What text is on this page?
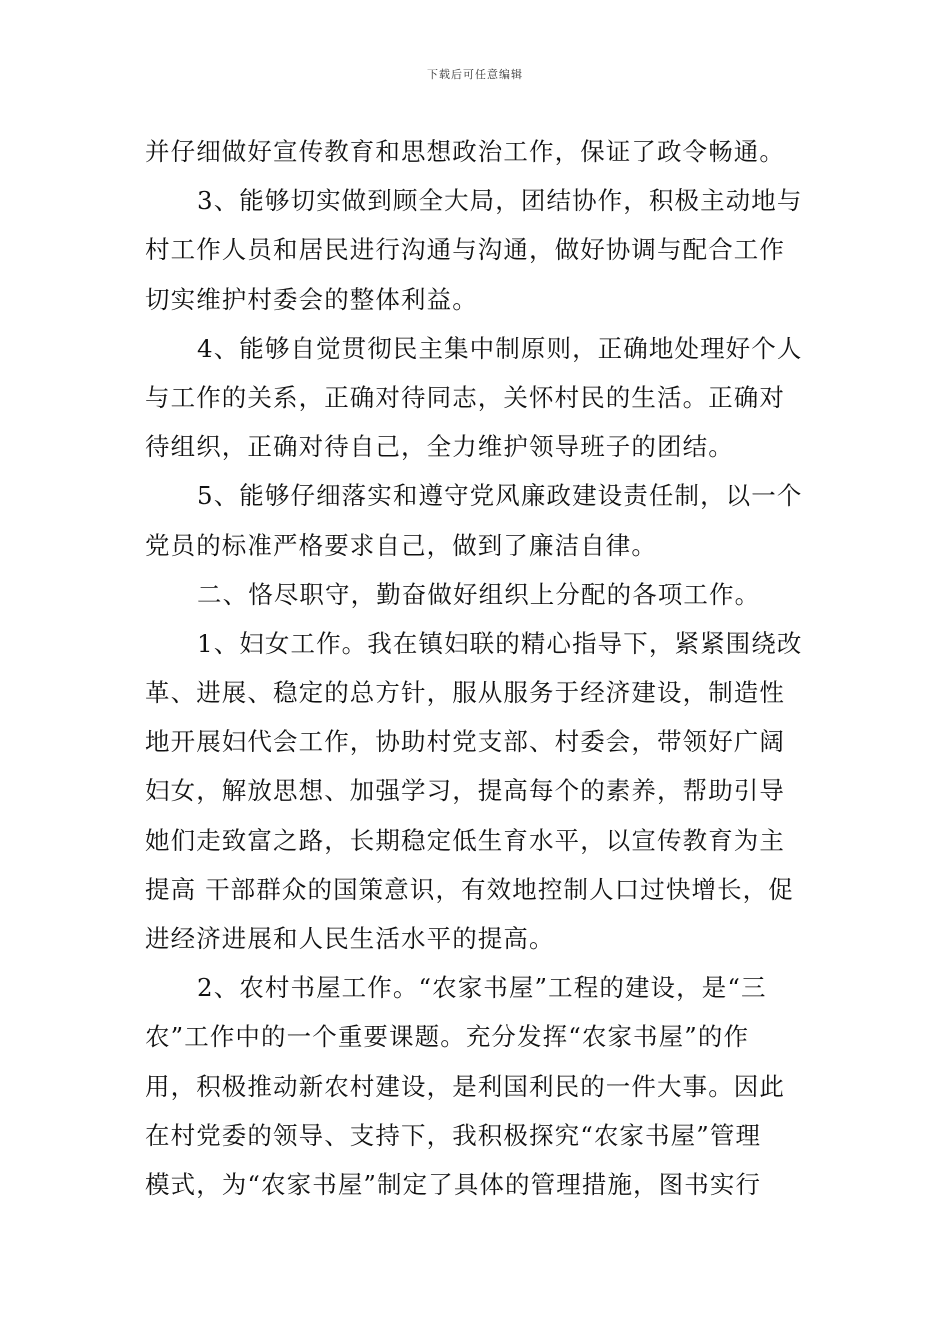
下载后可任意编辑
并仔细做好宣传教育和思想政治工作，保证了政令畅通。
3、能够切实做到顾全大局，团结协作，积极主动地与
村工作人员和居民进行沟通与沟通，做好协调与配合工作
切实维护村委会的整体利益。
4、能够自觉贯彻民主集中制原则，正确地处理好个人
与工作的关系，正确对待同志，关怀村民的生活。正确对
待组织，正确对待自己，全力维护领导班子的团结。
5、能够仔细落实和遵守党风廉政建设责任制，以一个
党员的标准严格要求自己，做到了廉洁自律。
二、恪尽职守，勤奋做好组织上分配的各项工作。
1、妇女工作。我在镇妇联的精心指导下，紧紧围绕改
革、进展、稳定的总方针，服从服务于经济建设，制造性
地开展妇代会工作，协助村党支部、村委会，带领好广阔
妇女，解放思想、加强学习，提高每个的素养，帮助引导
她们走致富之路，长期稳定低生育水平，以宣传教育为主
提高 干部群众的国策意识，有效地控制人口过快增长，促
进经济进展和人民生活水平的提高。
2、农村书屋工作。“农家书屋”工程的建设，是“三
农”工作中的一个重要课题。充分发挥“农家书屋”的作
用，积极推动新农村建设，是利国利民的一件大事。因此
在村党委的领导、支持下，我积极探究“农家书屋”管理
模式，为“农家书屋”制定了具体的管理措施，图书实行
